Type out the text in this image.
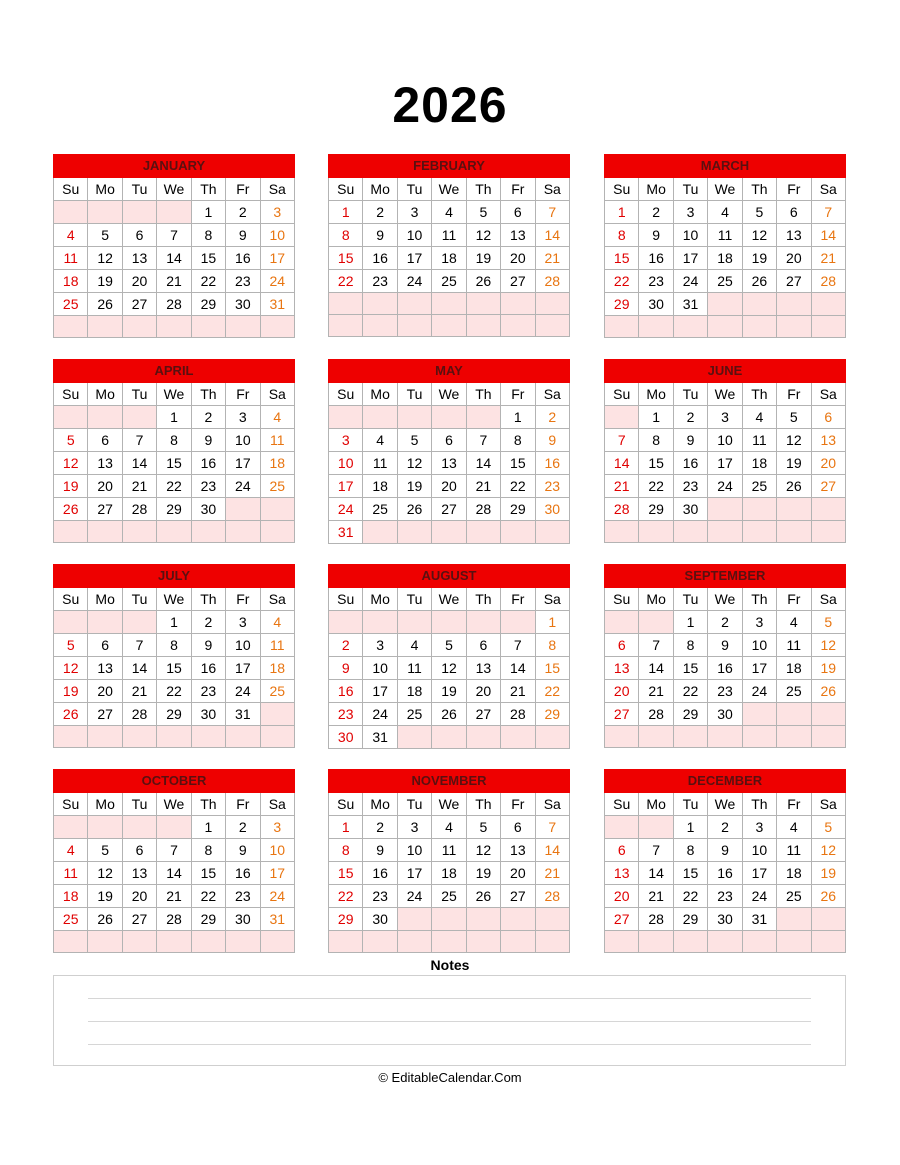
2026
JANUARY						
Su	Mo	Tu	We	Th	Fr	Sa
				1	2	3
4	5	6	7	8	9	10
11	12	13	14	15	16	17
18	19	20	21	22	23	24
25	26	27	28	29	30	31

FEBRUARY						
Su	Mo	Tu	We	Th	Fr	Sa
1	2	3	4	5	6	7
8	9	10	11	12	13	14
15	16	17	18	19	20	21
22	23	24	25	26	27	28

MARCH						
Su	Mo	Tu	We	Th	Fr	Sa
1	2	3	4	5	6	7
8	9	10	11	12	13	14
15	16	17	18	19	20	21
22	23	24	25	26	27	28
29	30	31				

APRIL						
Su	Mo	Tu	We	Th	Fr	Sa
			1	2	3	4
5	6	7	8	9	10	11
12	13	14	15	16	17	18
19	20	21	22	23	24	25
26	27	28	29	30		

MAY						
Su	Mo	Tu	We	Th	Fr	Sa
					1	2
3	4	5	6	7	8	9
10	11	12	13	14	15	16
17	18	19	20	21	22	23
24	25	26	27	28	29	30
31						
JUNE						
Su	Mo	Tu	We	Th	Fr	Sa
	1	2	3	4	5	6
7	8	9	10	11	12	13
14	15	16	17	18	19	20
21	22	23	24	25	26	27
28	29	30				

JULY						
Su	Mo	Tu	We	Th	Fr	Sa
			1	2	3	4
5	6	7	8	9	10	11
12	13	14	15	16	17	18
19	20	21	22	23	24	25
26	27	28	29	30	31	

AUGUST						
Su	Mo	Tu	We	Th	Fr	Sa
						1
2	3	4	5	6	7	8
9	10	11	12	13	14	15
16	17	18	19	20	21	22
23	24	25	26	27	28	29
30	31					
SEPTEMBER						
Su	Mo	Tu	We	Th	Fr	Sa
		1	2	3	4	5
6	7	8	9	10	11	12
13	14	15	16	17	18	19
20	21	22	23	24	25	26
27	28	29	30			

OCTOBER						
Su	Mo	Tu	We	Th	Fr	Sa
				1	2	3
4	5	6	7	8	9	10
11	12	13	14	15	16	17
18	19	20	21	22	23	24
25	26	27	28	29	30	31

NOVEMBER						
Su	Mo	Tu	We	Th	Fr	Sa
1	2	3	4	5	6	7
8	9	10	11	12	13	14
15	16	17	18	19	20	21
22	23	24	25	26	27	28
29	30					

DECEMBER						
Su	Mo	Tu	We	Th	Fr	Sa
		1	2	3	4	5
6	7	8	9	10	11	12
13	14	15	16	17	18	19
20	21	22	23	24	25	26
27	28	29	30	31		

Notes
© EditableCalendar.Com
